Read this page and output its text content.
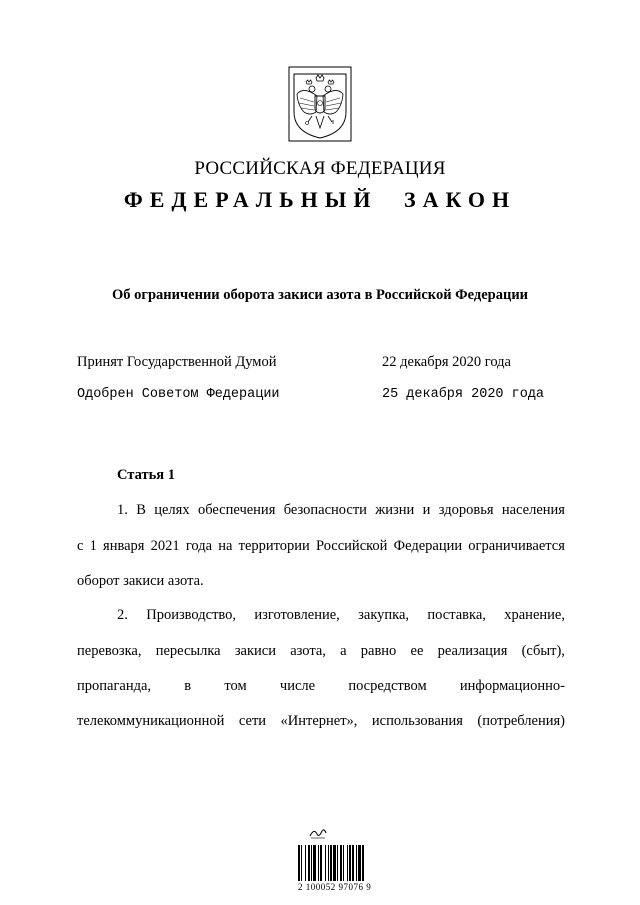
РОССИЙСКАЯ ФЕДЕРАЦИЯ
ФЕДЕРАЛЬНЫЙ ЗАКОН
Об ограничении оборота закиси азота в Российской Федерации
Принят Государственной Думой	22 декабря 2020 года
Одобрен Советом Федерации	25 декабря 2020 года
Статья 1
1. В целях обеспечения безопасности жизни и здоровья населения
с 1 января 2021 года на территории Российской Федерации ограничивается
оборот закиси азота.
2. Производство, изготовление, закупка, поставка, хранение,
перевозка, пересылка закиси азота, а равно ее реализация (сбыт),
пропаганда, в том числе посредством информационно-
телекоммуникационной сети «Интернет», использования (потребления)
2 100052 97076 9
